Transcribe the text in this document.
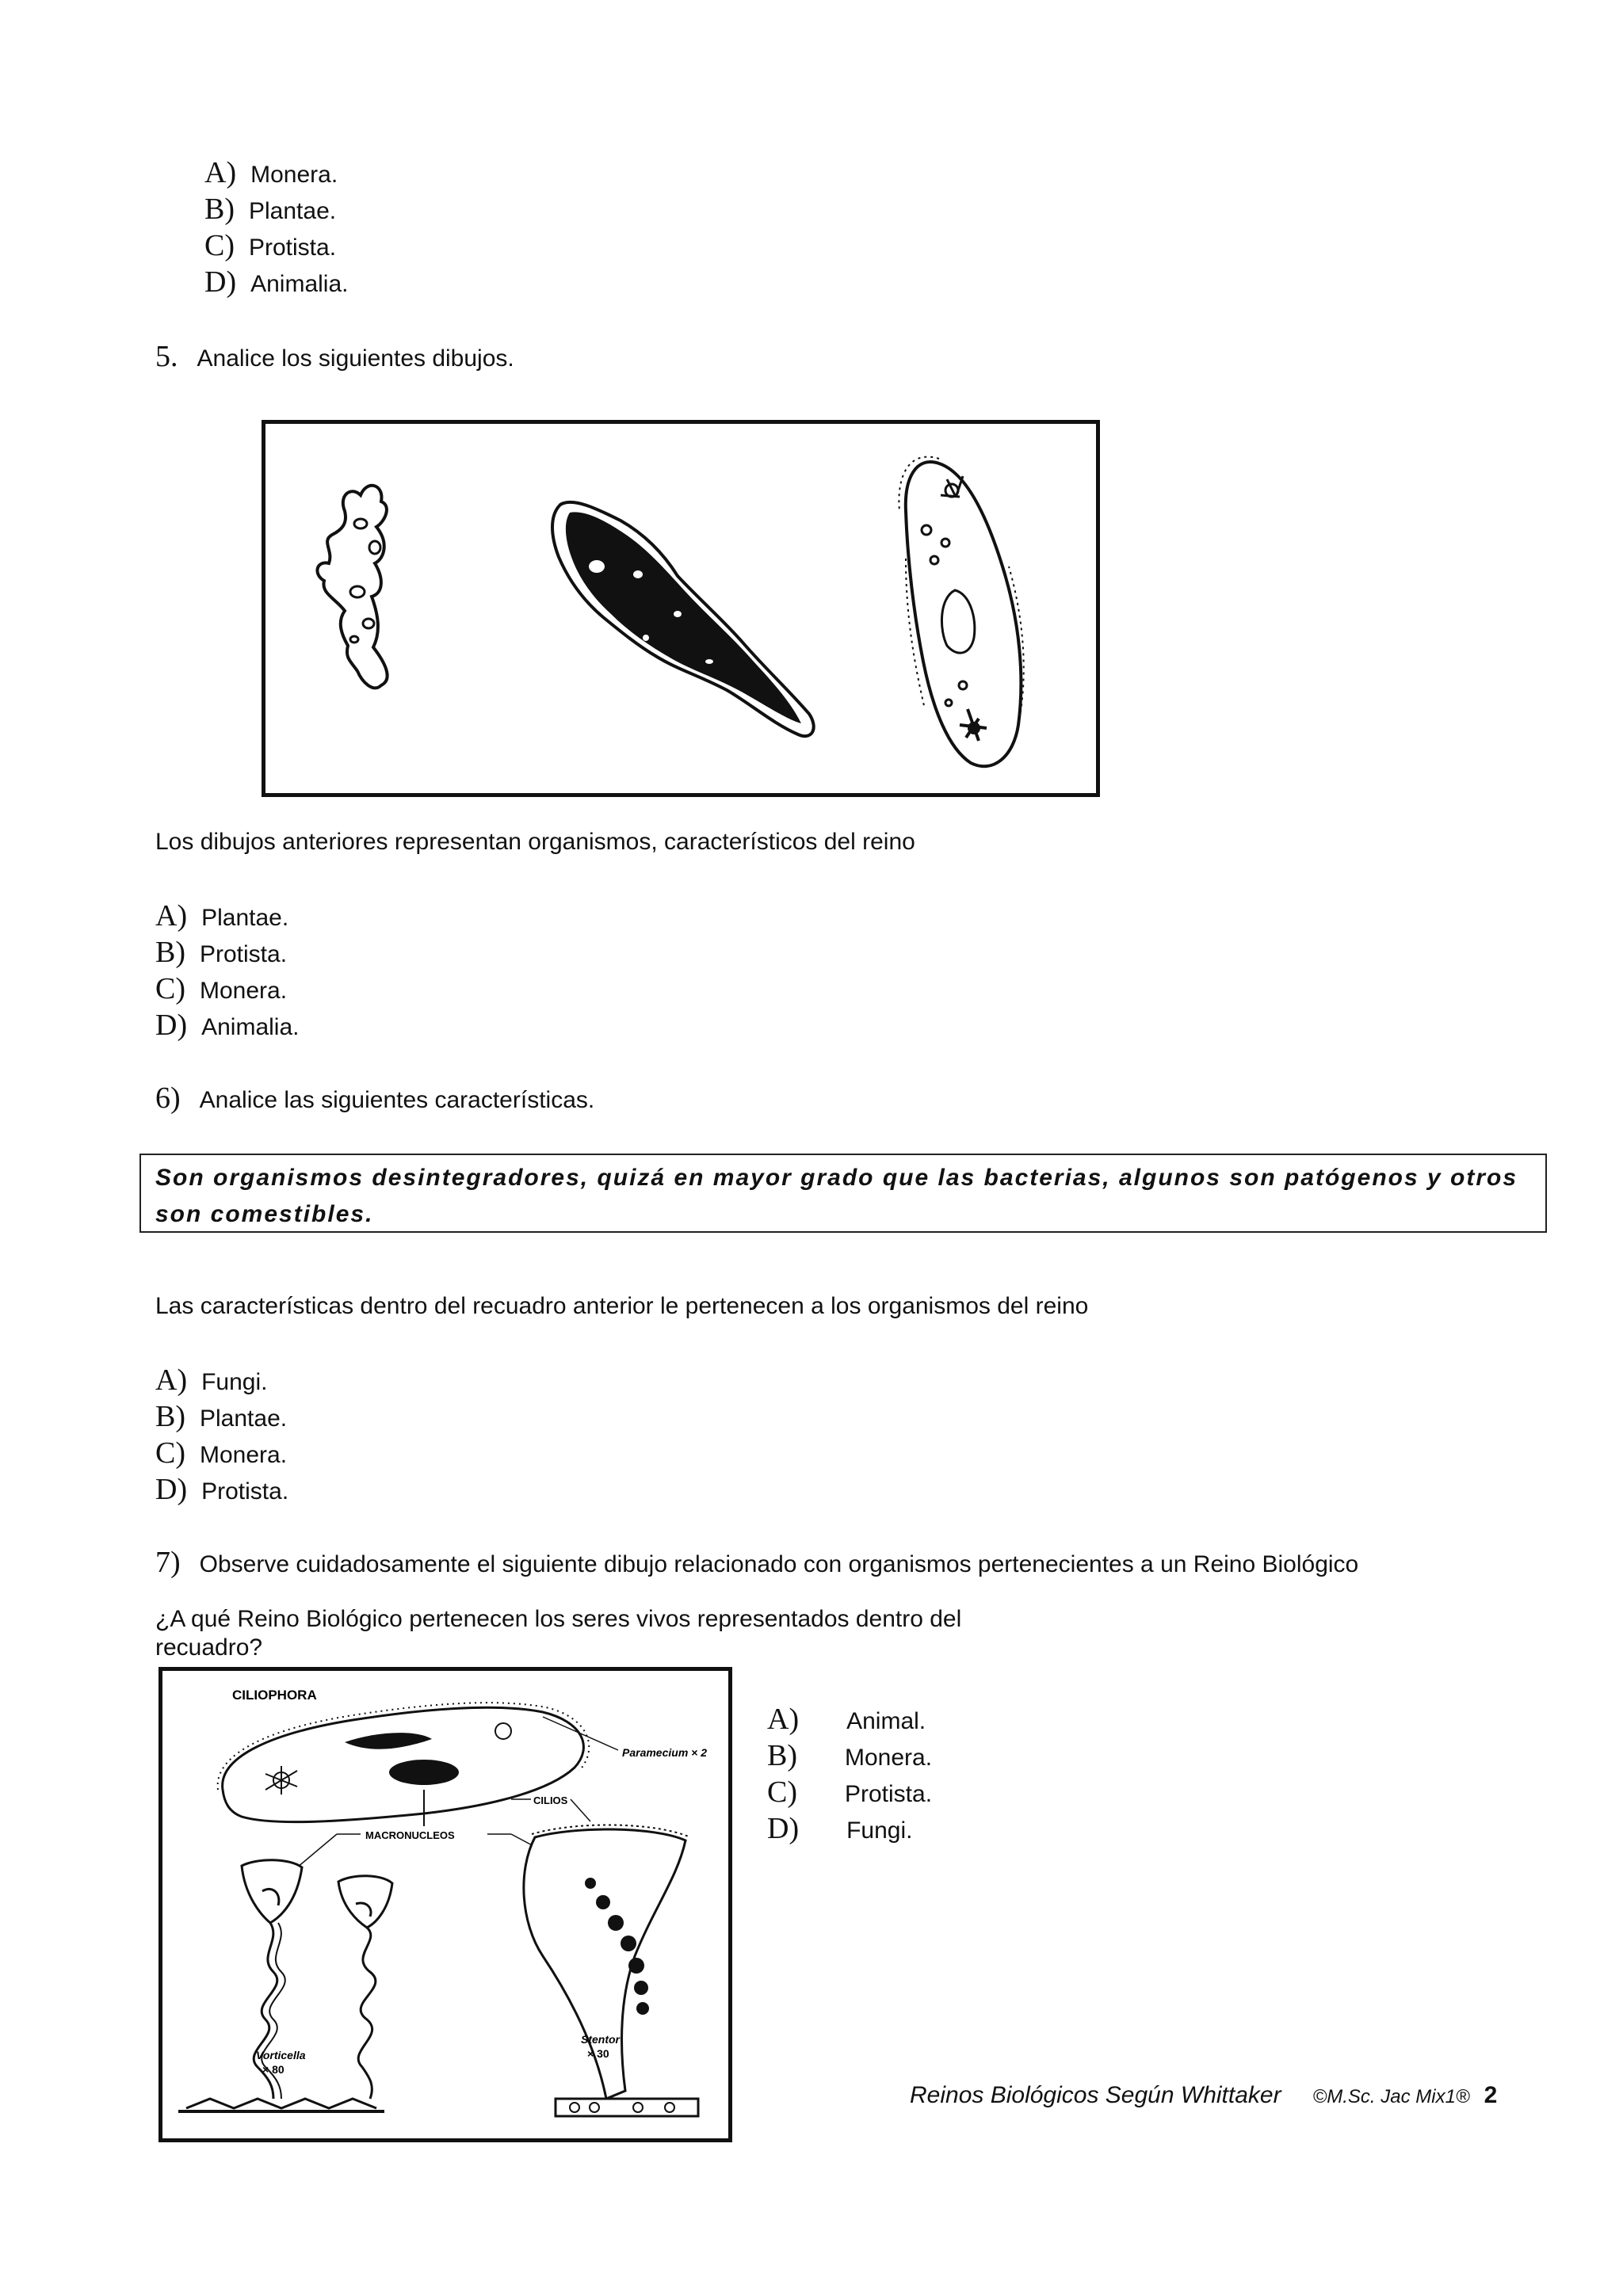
A) Monera.
B) Plantae.
C) Protista.
D) Animalia.
5. Analice los siguientes dibujos.
Los dibujos anteriores representan organismos, característicos del reino
A) Plantae.
B) Protista.
C) Monera.
D) Animalia.
6) Analice las siguientes características.
Son organismos desintegradores, quizá en mayor grado que las bacterias, algunos son patógenos y otros son comestibles.
Las características dentro del recuadro anterior le pertenecen a los organismos del reino
A) Fungi.
B) Plantae.
C) Monera.
D) Protista.
7) Observe cuidadosamente el siguiente dibujo relacionado con organismos pertenecientes a un Reino Biológico
¿A qué Reino Biológico pertenecen los seres vivos representados dentro del
recuadro?
CILIOPHORA
Paramecium × 2
CILIOS
MACRONUCLEOS
Vorticella
× 80
Stentor
× 30
A) Animal.
B) Monera.
C) Protista.
D) Fungi.
Reinos Biológicos Según Whittaker ©M.Sc. Jac Mix1® 2
